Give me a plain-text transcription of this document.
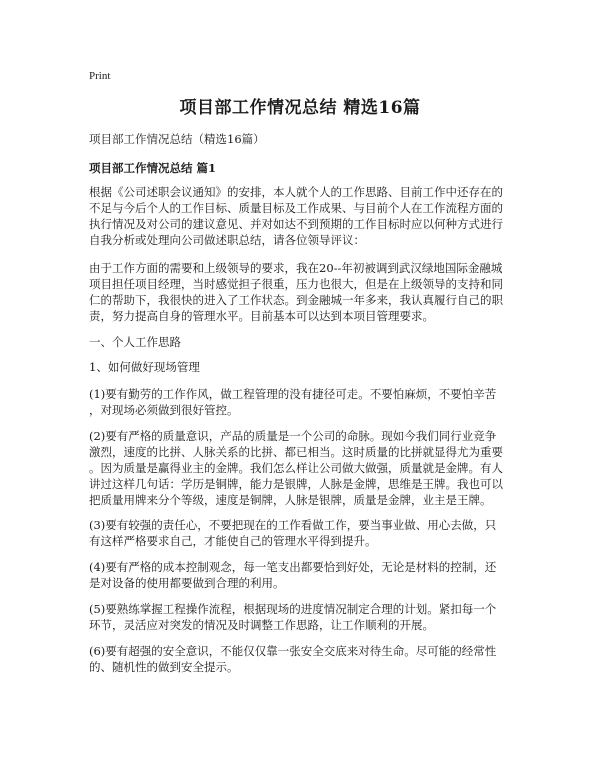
Print
项目部工作情况总结 精选16篇
项目部工作情况总结（精选16篇）
项目部工作情况总结 篇1
根据《公司述职会议通知》的安排，本人就个人的工作思路、目前工作中还存在的
不足与今后个人的工作目标、质量目标及工作成果、与目前个人在工作流程方面的
执行情况及对公司的建议意见、并对如达不到预期的工作目标时应以何种方式进行
自我分析或处理向公司做述职总结，请各位领导评议：
由于工作方面的需要和上级领导的要求，我在20--年初被调到武汉绿地国际金融城
项目担任项目经理，当时感觉担子很重，压力也很大，但是在上级领导的支持和同
仁的帮助下，我很快的进入了工作状态。到金融城一年多来，我认真履行自己的职
责，努力提高自身的管理水平。目前基本可以达到本项目管理要求。
一、个人工作思路
1、如何做好现场管理
(1)要有勤劳的工作作风，做工程管理的没有捷径可走。不要怕麻烦，不要怕辛苦
，对现场必须做到很好管控。
(2)要有严格的质量意识，产品的质量是一个公司的命脉。现如今我们同行业竞争
激烈，速度的比拼、人脉关系的比拼、都已相当。这时质量的比拼就显得尤为重要
。因为质量是赢得业主的金牌。我们怎么样让公司做大做强，质量就是金牌。有人
讲过这样几句话：学历是铜牌，能力是银牌，人脉是金牌，思维是王牌。我也可以
把质量用牌来分个等级，速度是铜牌，人脉是银牌，质量是金牌，业主是王牌。
(3)要有较强的责任心，不要把现在的工作看做工作，要当事业做、用心去做，只
有这样严格要求自己，才能使自己的管理水平得到提升。
(4)要有严格的成本控制观念，每一笔支出都要恰到好处，无论是材料的控制，还
是对设备的使用都要做到合理的利用。
(5)要熟练掌握工程操作流程，根据现场的进度情况制定合理的计划。紧扣每一个
环节，灵活应对突发的情况及时调整工作思路，让工作顺利的开展。
(6)要有超强的安全意识，不能仅仅靠一张安全交底来对待生命。尽可能的经常性
的、随机性的做到安全提示。
